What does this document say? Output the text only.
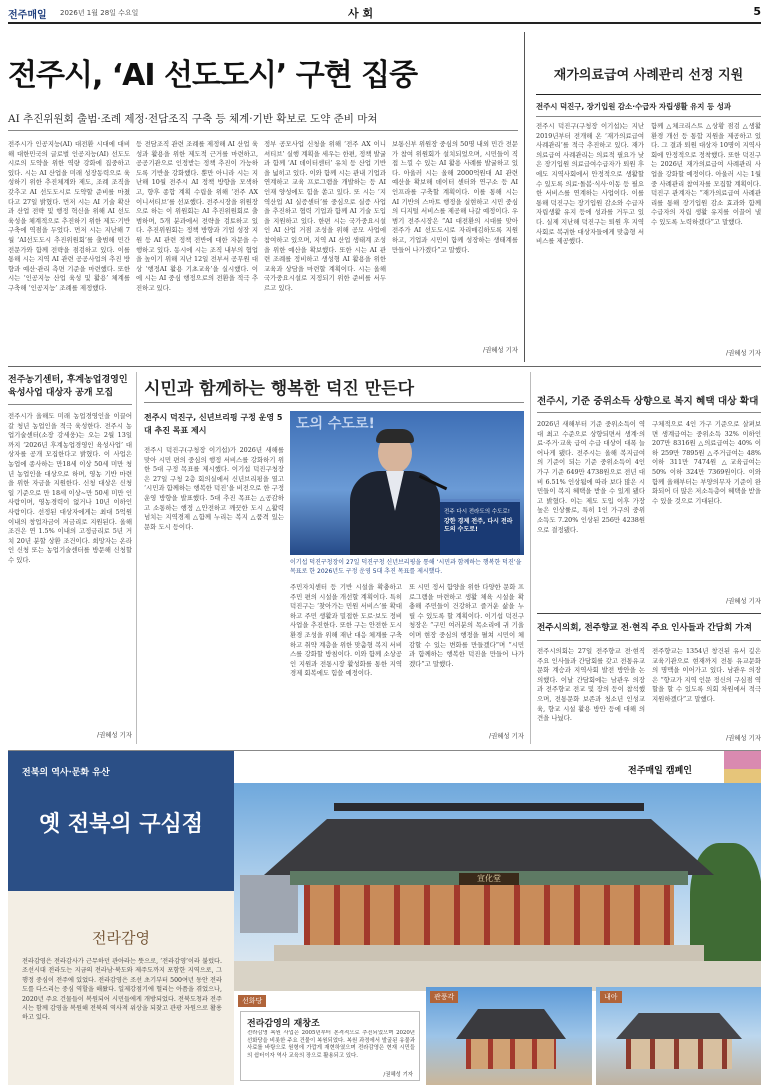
전주매일 2026년 1월 28일 수요일	사 회	5
전주시, ‘AI 선도도시’ 구현 집중
AI 추진위원회 출범·조례 제정·전담조직 구축 등 체계·기반 확보로 도약 준비 마쳐
전주시가 인공지능(AI) 대전환 시대에 대비해 대한민국의 글로벌 인공지능(AI) 선도도시로의 도약을 위한 역량 강화에 집중하고 있다. 시는 AI 산업을 미래 성장동력으로 육성하기 위한 추진체계와 제도, 조례 조직을 갖추고 AI 선도도시로 도약할 준비를 마쳤다고 27일 밝혔다. 먼저 시는 AI 기술 확산과 산업 전략 및 행정 혁신을 위해 AI 선도 육성을 체계적으로 추진하기 위한 제도·기반 구축에 역점을 두었다. 먼저 시는 지난해 7월 ‘AI선도도시 추진위원회’를 출범해 민간 전문가와 함께 전략을 점검하고 있다. 이를 통해 시는 지역 AI 관련 공공사업의 추진 방향과 예산·관리 측면 기준을 마련했다. 또한 시는 ‘인공지능 산업 육성 및 활용’ 체계를 구축해 ‘인공지능’ 조례를 제정했다.
등 전담조직 관련 조례를 제정해 AI 산업 육성과 활용을 위한 제도적 근거를 마련하고, 공공기관으로 인정받는 정책 추진이 가능하도록 기반을 강화했다. 뿐만 아니라 시는 지난해 10월 전주시 AI 정책 방향을 모색하고, 향후 종합 계획 수립을 위해 ‘전주 AX 이니셔티브’를 선포했다. 전주시장을 위원장으로 하는 이 위원회는 AI 추진위원회로 출범하며, 5개 분과에서 전략을 검토하고 있다. 추진위원회는 정책 방향과 기업 성장 지원 등 AI 관련 정책 전반에 대한 자문을 수행하고 있다. 동시에 시는 조직 내부의 협업을 높이기 위해 지난 12일 전부서 공무원 대상 ‘행정AI 활용 기초교육’을 실시했다. 이에 시는 AI 중심 행정으로의 전환을 적극 추진하고 있다.
정부 공모사업 신청을 위해 ‘전주 AX 이니셔티브’ 실행 계획을 세우는 한편, 정책 발굴과 함께 ‘AI 데이터센터’ 유치 등 산업 기반을 넓히고 있다. 이와 함께 시는 관내 기업과 연계하고 교육 프로그램을 개발하는 등 AI 인재 양성에도 힘을 쏟고 있다. 또 시는 ‘지역산업 AI 실증센터’를 중심으로 실증 사업을 추진하고 협력 기업과 함께 AI 기술 도입을 지원하고 있다. 한편 시는 국가중요시설인 AI 산업 거점 조성을 위해 공모 사업에 참여하고 있으며, 지역 AI 산업 생태계 조성을 위한 예산을 확보했다. 또한 시는 AI 관련 조례를 정비하고 생성형 AI 활용을 위한 교육과 상담을 마련할 계획이다. 시는 올해 국가중요시설로 지정되기 위한 준비를 서두르고 있다.
보통신부 위원장 중심의 50명 내외 민간 전문가 참여 위원회가 설치되었으며, 시민들이 직접 느낄 수 있는 AI 활용 사례를 발굴하고 있다. 아울러 시는 올해 2000억원대 AI 관련 예산을 확보해 데이터 센터와 연구소 등 AI 인프라를 구축할 계획이다. 이를 통해 시는 AI 기반의 스마트 행정을 실현하고 시민 중심의 디지털 서비스를 제공해 나갈 예정이다. 우범기 전주시장은 “AI 대전환의 시대를 맞아 전주가 AI 선도도시로 자리매김하도록 지원하고, 기업과 시민이 함께 성장하는 생태계를 만들어 나가겠다”고 말했다.
/권혜성 기자
재가의료급여 사례관리 선정 지원
전주시 덕진구, 장기입원 감소·수급자 자립생활 유지 등 성과
전주시 덕진구(구청장 이기섭)는 지난 2019년부터 전개해 온 ‘재가의료급여 사례관리’를 적극 추진하고 있다. 재가의료급여 사례관리는 의료적 필요가 낮은 장기입원 의료급여수급자가 퇴원 후에도 지역사회에서 안정적으로 생활할 수 있도록 의료·돌봄·식사·이동 등 필요한 서비스를 연계하는 사업이다. 이를 통해 덕진구는 장기입원 감소와 수급자 자립생활 유지 등에 성과를 거두고 있다. 실제 지난해 덕진구는 퇴원 후 지역사회로 복귀한 대상자들에게 맞춤형 서비스를 제공했다.
함께 △체크리스트 △상황 점검 △생활 환경 개선 등 통합 지원을 제공하고 있다. 그 결과 퇴원 대상자 10명이 지역사회에 안정적으로 정착했다. 또한 덕진구는 2026년 재가의료급여 사례관리 사업을 강화할 예정이다. 아울러 시는 1월 중 사례관리 참여자를 모집할 계획이다. 덕진구 관계자는 “재가의료급여 사례관리를 통해 장기입원 감소 효과와 함께 수급자의 자립 생활 유지를 이끌어 낼 수 있도록 노력하겠다”고 말했다.
/권혜성 기자
전주농기센터, 후계농업경영인 육성사업 대상자 공개 모집
전주시가 올해도 미래 농업경영인을 이끌어갈 청년 농업인을 적극 육성한다. 전주시 농업기술센터(소장 강세웅)는 오는 2월 13일까지 ‘2026년 후계농업경영인 육성사업’ 대상자를 공개 모집한다고 밝혔다. 이 사업은 농업에 종사하는 만18세 이상 50세 미만 청년 농업인을 대상으로 하며, 영농 기반 마련을 위한 자금을 지원한다. 신청 대상은 신청일 기준으로 만 18세 이상~만 50세 미만 인 사람이며, 영농경력이 없거나 10년 이하인 사람이다. 선정된 대상자에게는 최대 5억원 이내의 창업자금이 저금리로 지원된다. 올해 조건은 연 1.5% 이내의 고정금리로 5년 거치 20년 분할 상환 조건이다. 희망자는 온라인 신청 또는 농업기술센터를 방문해 신청할 수 있다.
/권혜성 기자
시민과 함께하는 행복한 덕진 만든다
전주시 덕진구, 신년브리핑 구정 운영 5대 추진 목표 제시
전주시 덕진구(구청장 이기섭)가 2026년 새해를 맞아 시민 편의 중심의 행정 서비스를 강화하기 위한 5대 구정 목표를 제시했다. 이기섭 덕진구청장은 27일 구청 2층 회의실에서 신년브리핑을 열고 ‘시민과 함께하는 행복한 덕진’을 비전으로 한 구정 운영 방향을 발표했다. 5대 추진 목표는 △공감하고 소통하는 행정 △안전하고 깨끗한 도시 △활력 넘치는 지역경제 △함께 누리는 복지 △품격 있는 문화 도시 등이다.
도의 수도로!
전주 다시 전라도의 수도로!
강한 경제 전주, 다시 전라도의 수도로!
이기섭 덕진구청장이 27일 덕진구청 신년브리핑을 통해 ‘시민과 함께하는 행복한 덕진’을 목표로 한 2026년도 구정 운영 5대 추진 목표를 제시했다.
주민자치센터 등 기반 시설을 확충하고 주민 편의 시설을 개선할 계획이다. 특히 덕진구는 ‘찾아가는 민원 서비스’를 확대하고 주민 생활과 밀접한 도로·보도 정비 사업을 추진한다. 또한 구는 안전한 도시 환경 조성을 위해 재난 대응 체계를 구축하고 취약 계층을 위한 맞춤형 복지 서비스를 강화할 방침이다. 이와 함께 소상공인 지원과 전통시장 활성화를 통한 지역경제 회복에도 힘쓸 예정이다.
또 시민 정서 함양을 위한 다양한 문화 프로그램을 마련하고 생활 체육 시설을 확충해 주민들이 건강하고 즐거운 삶을 누릴 수 있도록 할 계획이다. 이기섭 덕진구청장은 “구민 여러분의 목소리에 귀 기울이며 현장 중심의 행정을 펼쳐 시민이 체감할 수 있는 변화를 만들겠다”며 “시민과 함께하는 행복한 덕진을 만들어 나가겠다”고 말했다.
/권혜성 기자
전주시, 기준 중위소득 상향으로 복지 혜택 대상 확대
2026년 새해부터 기준 중위소득이 역대 최고 수준으로 상향되면서 생계·의료·주거·교육 급여 수급 대상이 대폭 늘어나게 됐다. 전주시는 올해 복지급여의 기준이 되는 기준 중위소득이 4인 가구 기준 649만 4738원으로 전년 대비 6.51% 인상됨에 따라 보다 많은 시민들이 복지 혜택을 받을 수 있게 됐다고 밝혔다. 이는 제도 도입 이후 가장 높은 인상률로, 특히 1인 가구의 중위소득도 7.20% 인상된 256만 4238원으로 결정됐다.
구체적으로 4인 가구 기준으로 살펴보면 생계급여는 중위소득 32% 이하인 207만 8316원 △의료급여는 40% 이하 259만 7895원 △주거급여는 48% 이하 311만 7474원 △교육급여는 50% 이하 324만 7369원이다. 이와 함께 올해부터는 부양의무자 기준이 완화되어 더 많은 저소득층이 혜택을 받을 수 있을 것으로 기대된다.
/권혜성 기자
전주시의회, 전주향교 전·현직 주요 인사들과 간담회 가져
전주시의회는 27일 전주향교 전·현직 주요 인사들과 간담회를 갖고 전통유교문화 계승과 지역사회 발전 방안을 논의했다. 이날 간담회에는 남관우 의장과 전주향교 전교 및 장의 등이 참석했으며, 전통문화 보존과 청소년 인성교육, 향교 시설 활용 방안 등에 대해 의견을 나눴다.
전주향교는 1354년 창건된 유서 깊은 교육기관으로 현재까지 전통 유교문화의 명맥을 이어가고 있다. 남관우 의장은 “향교가 지역 인문 정신의 구심점 역할을 할 수 있도록 의회 차원에서 적극 지원하겠다”고 말했다.
/권혜성 기자
전북의 역사·문화 유산
옛 전북의 구심점
전라감영
전라감영은 전라감사가 근무하던 관아라는 뜻으로, ‘전라감영’이라 불렀다. 조선시대 전라도는 지금의 전라남·북도와 제주도까지 포함한 지역으로, 그 행정 중심이 전주에 있었다. 전라감영은 조선 초기부터 500여년 동안 전라도를 다스리는 중심 역할을 해왔다. 일제강점기에 헐리는 아픔을 겪었으나, 2020년 주요 건물들이 복원되어 시민들에게 개방되었다. 전북도청과 전주시는 함께 감영을 복원해 전북의 역사적 위상을 되찾고 관광 자원으로 활용하고 있다.
전주매일 캠페인
宣化堂
선화당
전라감영의 재창조
전라감영 복원 사업은 2005년부터 본격적으로 추진되었으며 2020년 선화당을 비롯한 주요 건물이 복원되었다. 복원 과정에서 발굴된 유물과 사료를 바탕으로 원형에 가깝게 재현하였으며 전라감영은 현재 시민들의 쉼터이자 역사 교육의 장으로 활용되고 있다.
/권혜성 기자
관풍각	내아
